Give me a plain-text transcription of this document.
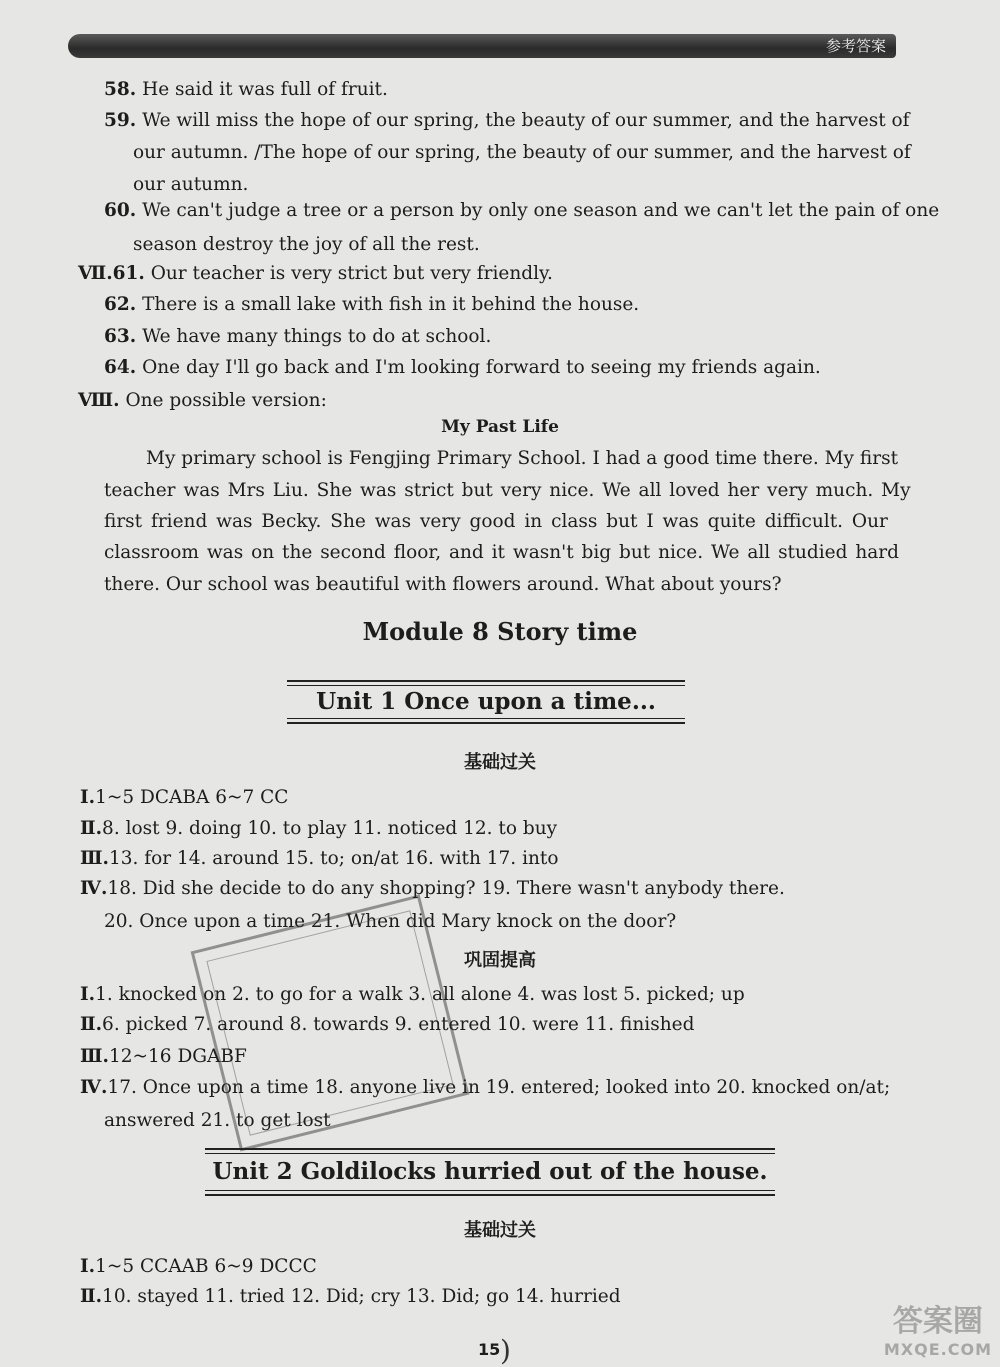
参考答案
58. He said it was full of fruit.
59. We will miss the hope of our spring, the beauty of our summer, and the harvest of
our autumn. /The hope of our spring, the beauty of our summer, and the harvest of
our autumn.
60. We can't judge a tree or a person by only one season and we can't let the pain of one
season destroy the joy of all the rest.
Ⅶ.61. Our teacher is very strict but very friendly.
62. There is a small lake with fish in it behind the house.
63. We have many things to do at school.
64. One day I'll go back and I'm looking forward to seeing my friends again.
Ⅷ. One possible version:
My Past Life
My primary school is Fengjing Primary School. I had a good time there. My first
teacher was Mrs Liu. She was strict but very nice. We all loved her very much. My
first friend was Becky. She was very good in class but I was quite difficult. Our
classroom was on the second floor, and it wasn't big but nice. We all studied hard
there. Our school was beautiful with flowers around. What about yours?
Module 8 Story time
Unit 1 Once upon a time...
基础过关
Ⅰ.1~5 DCABA 6~7 CC
Ⅱ.8. lost 9. doing 10. to play 11. noticed 12. to buy
Ⅲ.13. for 14. around 15. to; on/at 16. with 17. into
Ⅳ.18. Did she decide to do any shopping? 19. There wasn't anybody there.
20. Once upon a time 21. When did Mary knock on the door?
巩固提高
Ⅰ.1. knocked on 2. to go for a walk 3. all alone 4. was lost 5. picked; up
Ⅱ.6. picked 7. around 8. towards 9. entered 10. were 11. finished
Ⅲ.12~16 DGABF
Ⅳ.17. Once upon a time 18. anyone live in 19. entered; looked into 20. knocked on/at;
answered 21. to get lost
Unit 2 Goldilocks hurried out of the house.
基础过关
Ⅰ.1~5 CCAAB 6~9 DCCC
Ⅱ.10. stayed 11. tried 12. Did; cry 13. Did; go 14. hurried
15 )
答案圈
MXQE.COM
